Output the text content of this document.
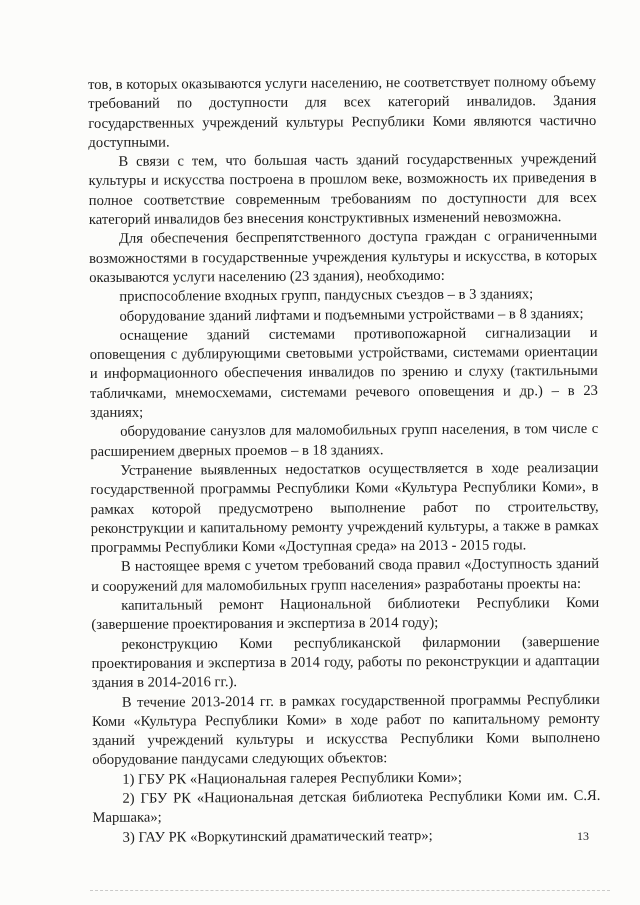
тов, в которых оказываются услуги населению, не соответствует полному объему требований по доступности для всех категорий инвалидов. Здания государственных учреждений культуры Республики Коми являются частично доступными.

В связи с тем, что большая часть зданий государственных учреждений культуры и искусства построена в прошлом веке, возможность их приведения в полное соответствие современным требованиям по доступности для всех категорий инвалидов без внесения конструктивных изменений невозможна.

Для обеспечения беспрепятственного доступа граждан с ограниченными возможностями в государственные учреждения культуры и искусства, в которых оказываются услуги населению (23 здания), необходимо:

приспособление входных групп, пандусных съездов – в 3 зданиях;

оборудование зданий лифтами и подъемными устройствами – в 8 зданиях;

оснащение зданий системами противопожарной сигнализации и оповещения с дублирующими световыми устройствами, системами ориентации и информационного обеспечения инвалидов по зрению и слуху (тактильными табличками, мнемосхемами, системами речевого оповещения и др.) – в 23 зданиях;

оборудование санузлов для маломобильных групп населения, в том числе с расширением дверных проемов – в 18 зданиях.

Устранение выявленных недостатков осуществляется в ходе реализации государственной программы Республики Коми «Культура Республики Коми», в рамках которой предусмотрено выполнение работ по строительству, реконструкции и капитальному ремонту учреждений культуры, а также в рамках программы Республики Коми «Доступная среда» на 2013 - 2015 годы.

В настоящее время с учетом требований свода правил «Доступность зданий и сооружений для маломобильных групп населения» разработаны проекты на:

капитальный ремонт Национальной библиотеки Республики Коми (завершение проектирования и экспертиза в 2014 году);

реконструкцию Коми республиканской филармонии (завершение проектирования и экспертиза в 2014 году, работы по реконструкции и адаптации здания в 2014-2016 гг.).

В течение 2013-2014 гг. в рамках государственной программы Республики Коми «Культура Республики Коми» в ходе работ по капитальному ремонту зданий учреждений культуры и искусства Республики Коми выполнено оборудование пандусами следующих объектов:

1) ГБУ РК «Национальная галерея Республики Коми»;

2) ГБУ РК «Национальная детская библиотека Республики Коми им. С.Я. Маршака»;

3) ГАУ РК «Воркутинский драматический театр»;	13
